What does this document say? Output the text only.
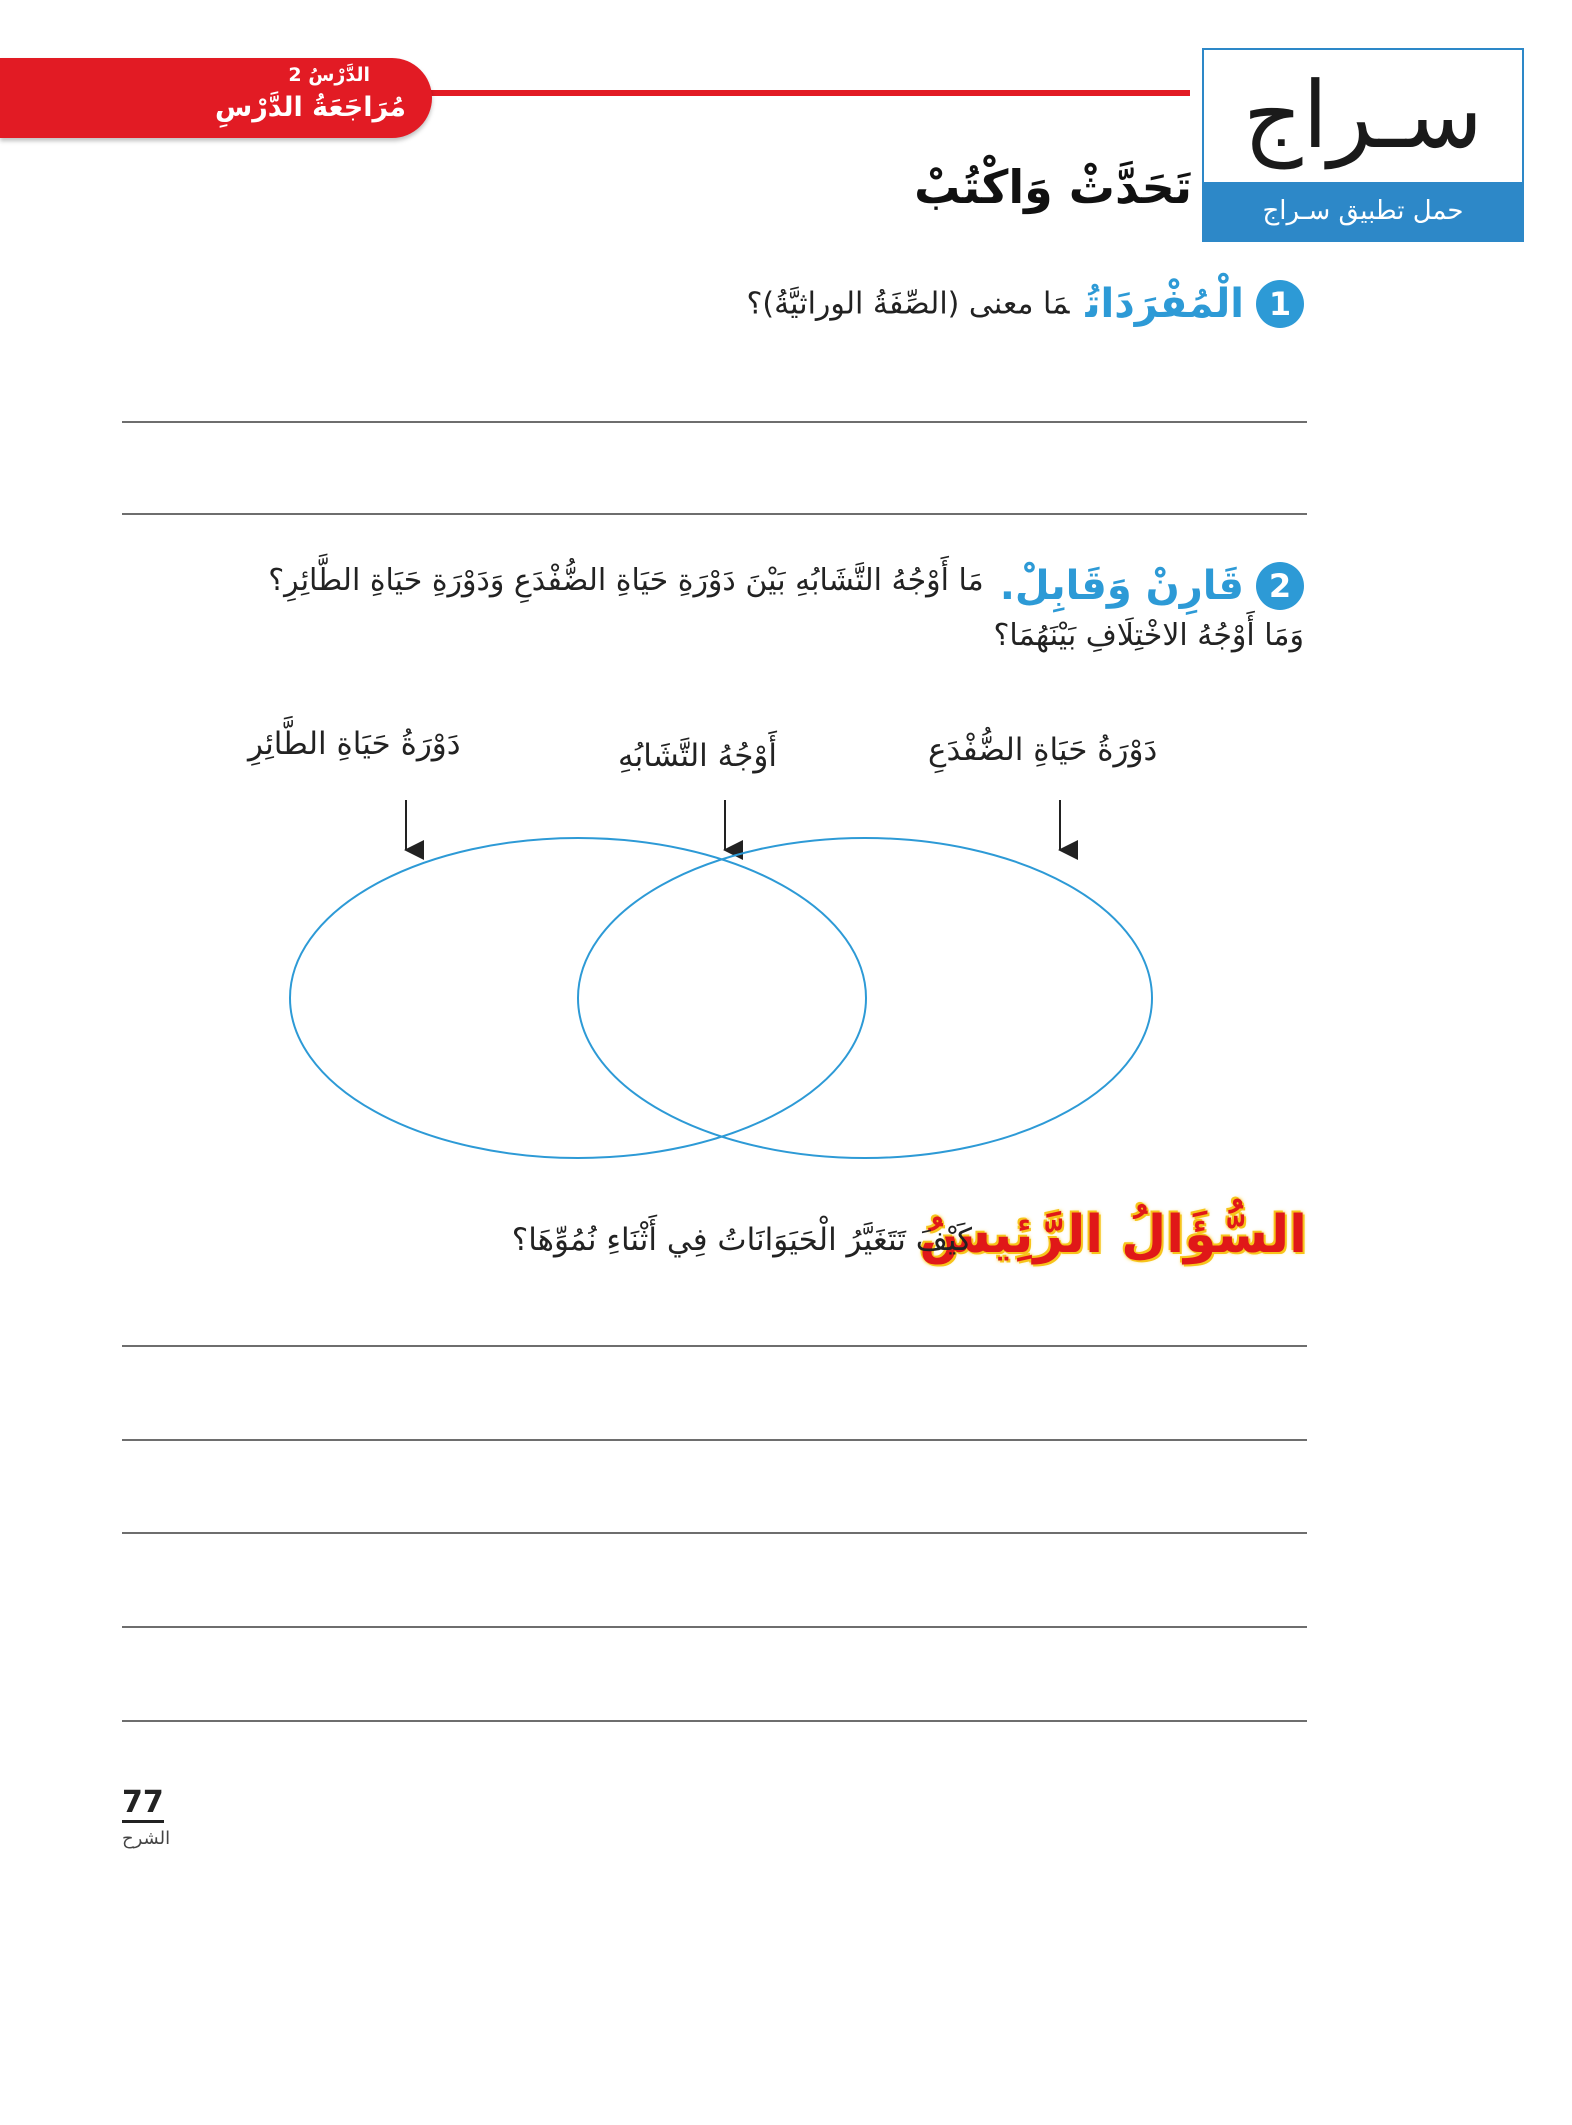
الدَّرْسُ 2
مُرَاجَعَةُ الدَّرْسِ	سـراج
حمل تطبيق سـراج
تَحَدَّثْ وَاكْتُبْ
1الْمُفْرَدَاتُمَا معنى (الصِّفَةُ الوراثيَّةُ)؟
2قَارِنْ وَقَابِلْ.مَا أَوْجُهُ التَّشَابُهِ بَيْنَ دَوْرَةِ حَيَاةِ الضُّفْدَعِ وَدَوْرَةِ حَيَاةِ الطَّائِرِ؟ وَمَا أَوْجُهُ الاخْتِلَافِ بَيْنَهُمَا؟
دَوْرَةُ حَيَاةِ الطَّائِرِ	أَوْجُهُ التَّشَابُهِ	دَوْرَةُ حَيَاةِ الضُّفْدَعِ
السُّؤَالُ الرَّئِيسُ
كَيْفَ تَتَغَيَّرُ الْحَيَوَانَاتُ فِي أَثْنَاءِ نُمُوِّهَا؟
77
الشرح
